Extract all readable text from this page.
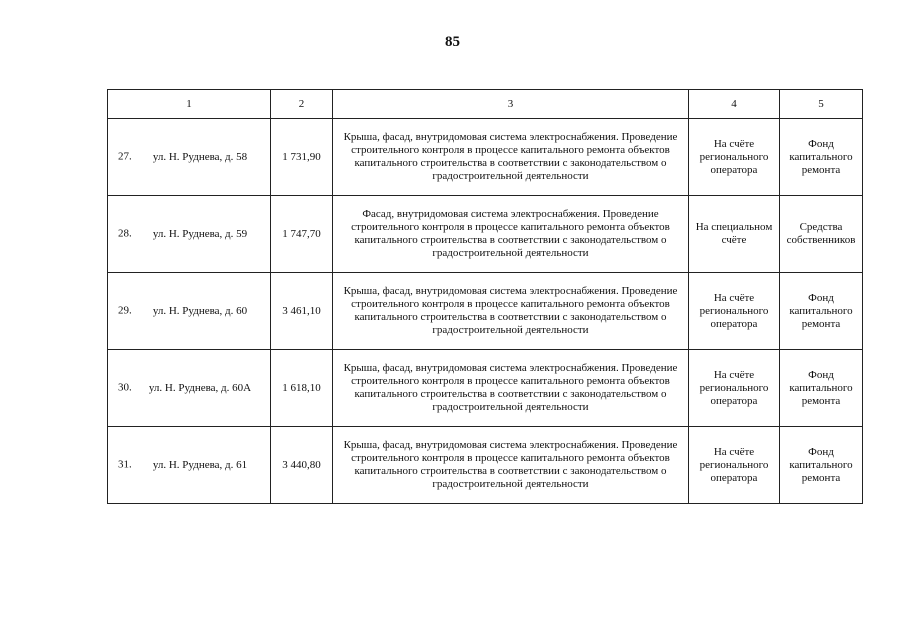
85
1	2	3	4	5

27. ул. Н. Руднева, д. 58	1 731,90	Крыша, фасад, внутридомовая система электроснабжения. Проведение строительного контроля в процессе капитального ремонта объектов капитального строительства в соответствии с законодательством о градостроительной деятельности	На счёте регионального оператора	Фонд капитального ремонта

28. ул. Н. Руднева, д. 59	1 747,70	Фасад, внутридомовая система электроснабжения. Проведение строительного контроля в процессе капитального ремонта объектов капитального строительства в соответствии с законодательством о градостроительной деятельности	На специальном счёте	Средства собственников

29. ул. Н. Руднева, д. 60	3 461,10	Крыша, фасад, внутридомовая система электроснабжения. Проведение строительного контроля в процессе капитального ремонта объектов капитального строительства в соответствии с законодательством о градостроительной деятельности	На счёте регионального оператора	Фонд капитального ремонта

30. ул. Н. Руднева, д. 60А	1 618,10	Крыша, фасад, внутридомовая система электроснабжения. Проведение строительного контроля в процессе капитального ремонта объектов капитального строительства в соответствии с законодательством о градостроительной деятельности	На счёте регионального оператора	Фонд капитального ремонта

31. ул. Н. Руднева, д. 61	3 440,80	Крыша, фасад, внутридомовая система электроснабжения. Проведение строительного контроля в процессе капитального ремонта объектов капитального строительства в соответствии с законодательством о градостроительной деятельности	На счёте регионального оператора	Фонд капитального ремонта
